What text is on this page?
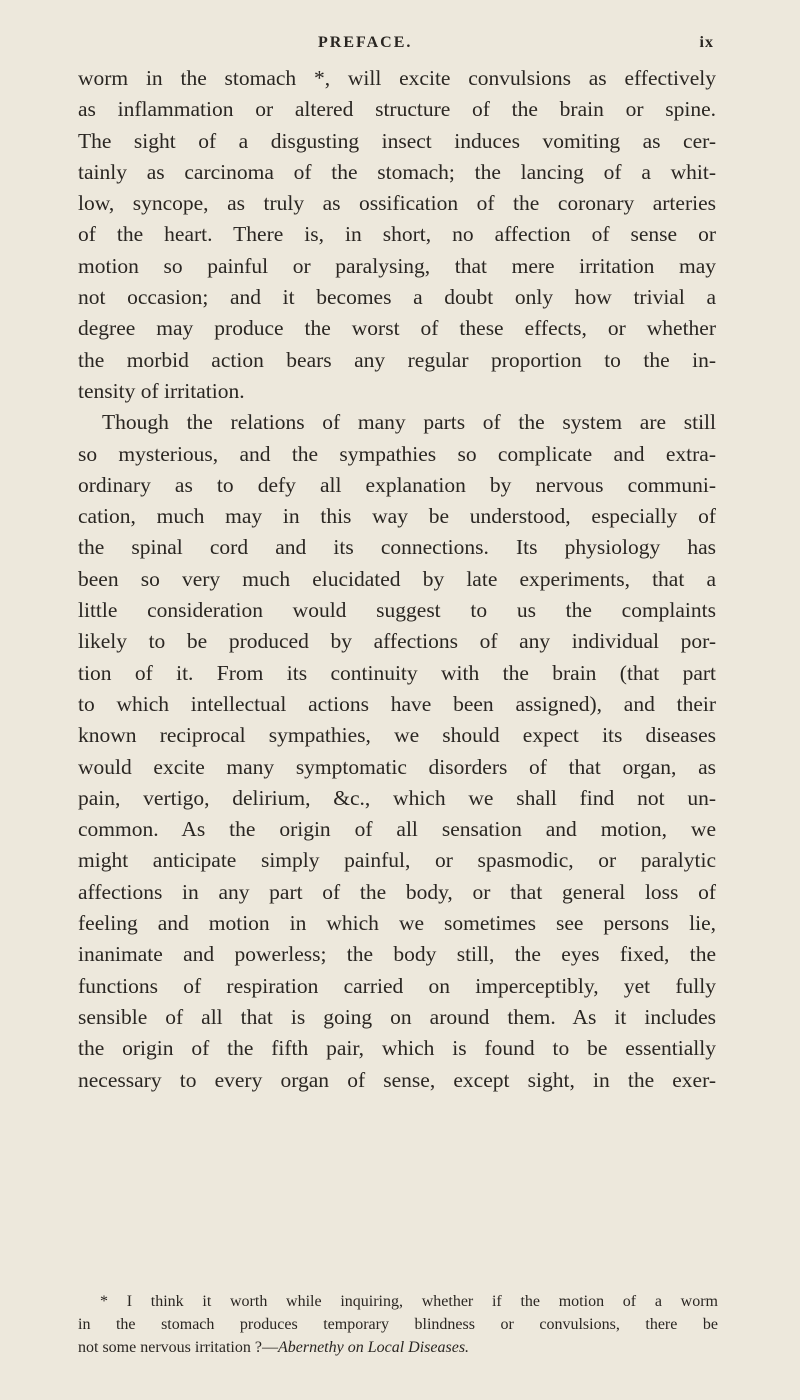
PREFACE.	ix
worm in the stomach *, will excite convulsions as effectively
as inflammation or altered structure of the brain or spine.
The sight of a disgusting insect induces vomiting as cer-
tainly as carcinoma of the stomach; the lancing of a whit-
low, syncope, as truly as ossification of the coronary arteries
of the heart. There is, in short, no affection of sense or
motion so painful or paralysing, that mere irritation may
not occasion; and it becomes a doubt only how trivial a
degree may produce the worst of these effects, or whether
the morbid action bears any regular proportion to the in-
tensity of irritation.
Though the relations of many parts of the system are still
so mysterious, and the sympathies so complicate and extra-
ordinary as to defy all explanation by nervous communi-
cation, much may in this way be understood, especially of
the spinal cord and its connections. Its physiology has
been so very much elucidated by late experiments, that a
little consideration would suggest to us the complaints
likely to be produced by affections of any individual por-
tion of it. From its continuity with the brain (that part
to which intellectual actions have been assigned), and their
known reciprocal sympathies, we should expect its diseases
would excite many symptomatic disorders of that organ, as
pain, vertigo, delirium, &c., which we shall find not un-
common. As the origin of all sensation and motion, we
might anticipate simply painful, or spasmodic, or paralytic
affections in any part of the body, or that general loss of
feeling and motion in which we sometimes see persons lie,
inanimate and powerless; the body still, the eyes fixed, the
functions of respiration carried on imperceptibly, yet fully
sensible of all that is going on around them. As it includes
the origin of the fifth pair, which is found to be essentially
necessary to every organ of sense, except sight, in the exer-
* I think it worth while inquiring, whether if the motion of a worm
in the stomach produces temporary blindness or convulsions, there be
not some nervous irritation ?—Abernethy on Local Diseases.
